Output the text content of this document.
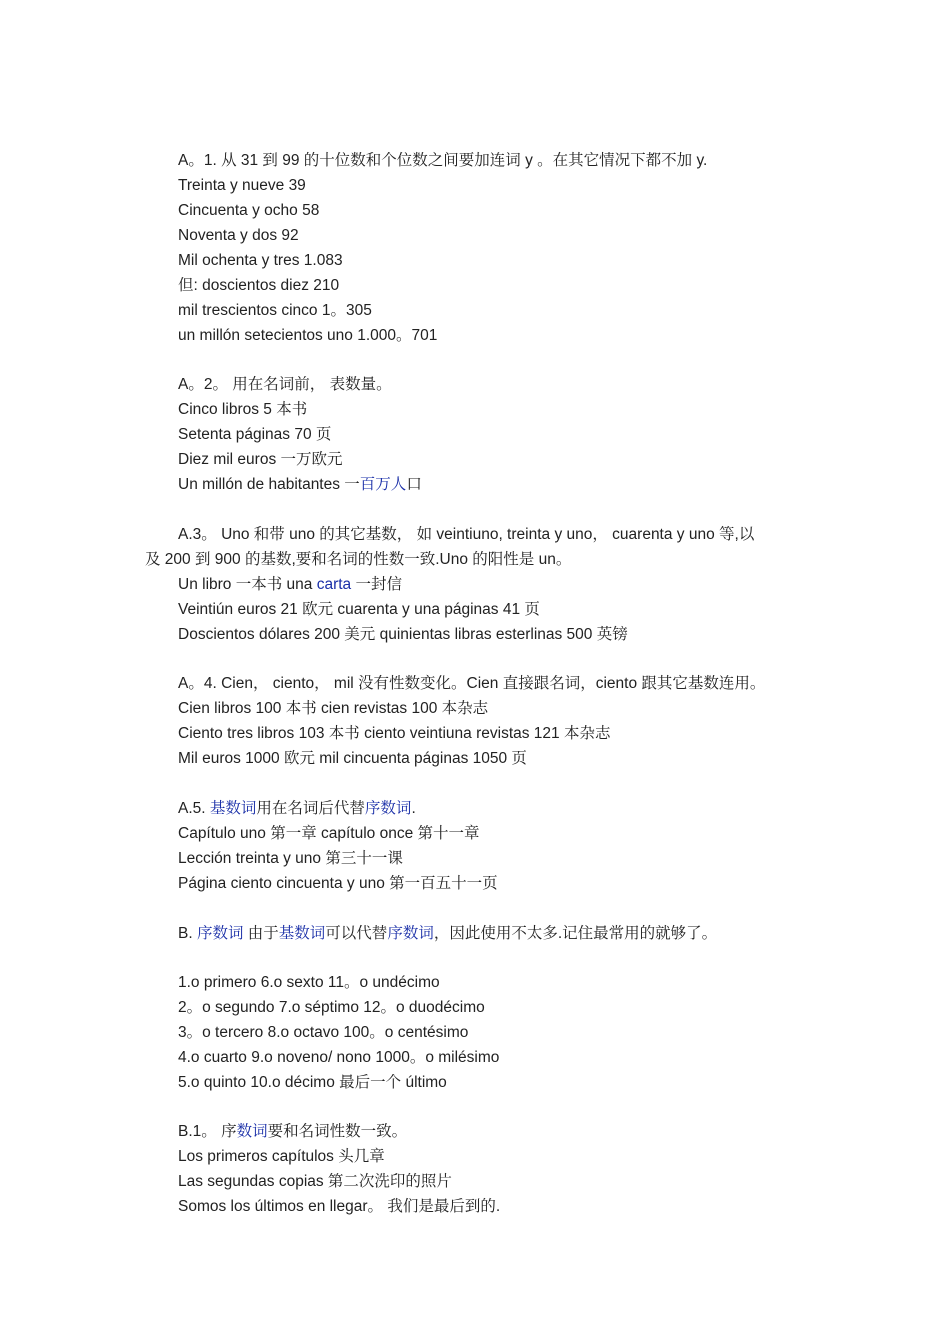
A。1. 从 31 到 99 的十位数和个位数之间要加连词 y 。在其它情况下都不加 y.
Treinta y nueve 39
Cincuenta y ocho 58
Noventa y dos 92
Mil ochenta y tres 1.083
但: doscientos diez 210
mil trescientos cinco 1。305
un millón setecientos uno 1.000。701
A。2。 用在名词前， 表数量。
Cinco libros 5 本书
Setenta páginas 70 页
Diez mil euros 一万欧元
Un millón de habitantes 一百万人口
A.3。 Uno 和带 uno 的其它基数， 如 veintiuno, treinta y uno， cuarenta y uno 等,以
及 200 到 900 的基数,要和名词的性数一致.Uno 的阳性是 un。
Un libro 一本书 una carta 一封信
Veintiún euros 21 欧元 cuarenta y una páginas 41 页
Doscientos dólares 200 美元 quinientas libras esterlinas 500 英镑
A。4. Cien， ciento， mil 没有性数变化。Cien 直接跟名词，ciento 跟其它基数连用。
Cien libros 100 本书 cien revistas 100 本杂志
Ciento tres libros 103 本书 ciento veintiuna revistas 121 本杂志
Mil euros 1000 欧元 mil cincuenta páginas 1050 页
A.5. 基数词用在名词后代替序数词.
Capítulo uno 第一章 capítulo once 第十一章
Lección treinta y uno 第三十一课
Página ciento cincuenta y uno 第一百五十一页
B. 序数词 由于基数词可以代替序数词，因此使用不太多.记住最常用的就够了。
1.o primero 6.o sexto 11。o undécimo
2。o segundo 7.o séptimo 12。o duodécimo
3。o tercero 8.o octavo 100。o centésimo
4.o cuarto 9.o noveno/ nono 1000。o milésimo
5.o quinto 10.o décimo 最后一个 último
B.1。 序数词要和名词性数一致。
Los primeros capítulos 头几章
Las segundas copias 第二次洗印的照片
Somos los últimos en llegar。 我们是最后到的.
